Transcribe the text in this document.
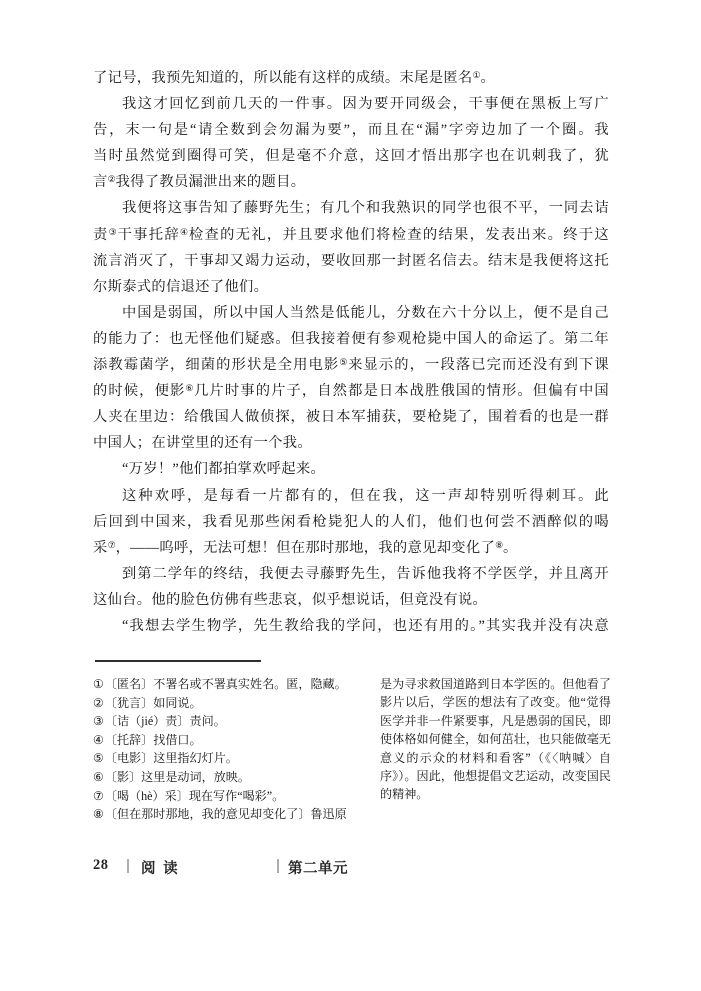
了记号，我预先知道的，所以能有这样的成绩。末尾是匿名①。
我这才回忆到前几天的一件事。因为要开同级会，干事便在黑板上写广
告，末一句是“请全数到会勿漏为要”，而且在“漏”字旁边加了一个圈。我
当时虽然觉到圈得可笑，但是毫不介意，这回才悟出那字也在讥刺我了，犹
言②我得了教员漏泄出来的题目。
我便将这事告知了藤野先生；有几个和我熟识的同学也很不平，一同去诘
责③干事托辞④检查的无礼，并且要求他们将检查的结果，发表出来。终于这
流言消灭了，干事却又竭力运动，要收回那一封匿名信去。结末是我便将这托
尔斯泰式的信退还了他们。
中国是弱国，所以中国人当然是低能儿，分数在六十分以上，便不是自己
的能力了：也无怪他们疑惑。但我接着便有参观枪毙中国人的命运了。第二年
添教霉菌学，细菌的形状是全用电影⑤来显示的，一段落已完而还没有到下课
的时候，便影⑥几片时事的片子，自然都是日本战胜俄国的情形。但偏有中国
人夹在里边：给俄国人做侦探，被日本军捕获，要枪毙了，围着看的也是一群
中国人；在讲堂里的还有一个我。
“万岁！”他们都拍掌欢呼起来。
这种欢呼，是每看一片都有的，但在我，这一声却特别听得刺耳。此
后回到中国来，我看见那些闲看枪毙犯人的人们，他们也何尝不酒醉似的喝
采⑦，——呜呼，无法可想！但在那时那地，我的意见却变化了⑧。
到第二学年的终结，我便去寻藤野先生，告诉他我将不学医学，并且离开
这仙台。他的脸色仿佛有些悲哀，似乎想说话，但竟没有说。
“我想去学生物学，先生教给我的学问，也还有用的。”其实我并没有决意
①〔匿名〕不署名或不署真实姓名。匿，隐藏。
②〔犹言〕如同说。
③〔诘（jié）责〕责问。
④〔托辞〕找借口。
⑤〔电影〕这里指幻灯片。
⑥〔影〕这里是动词，放映。
⑦〔喝（hè）采〕现在写作“喝彩”。
⑧〔但在那时那地，我的意见却变化了〕鲁迅原
是为寻求救国道路到日本学医的。但他看了影片以后，学医的想法有了改变。他“觉得医学并非一件紧要事，凡是愚弱的国民，即使体格如何健全，如何茁壮，也只能做毫无意义的示众的材料和看客”（《〈呐喊〉自序》）。因此，他想提倡文艺运动，改变国民的精神。
28 阅 读	第二单元
